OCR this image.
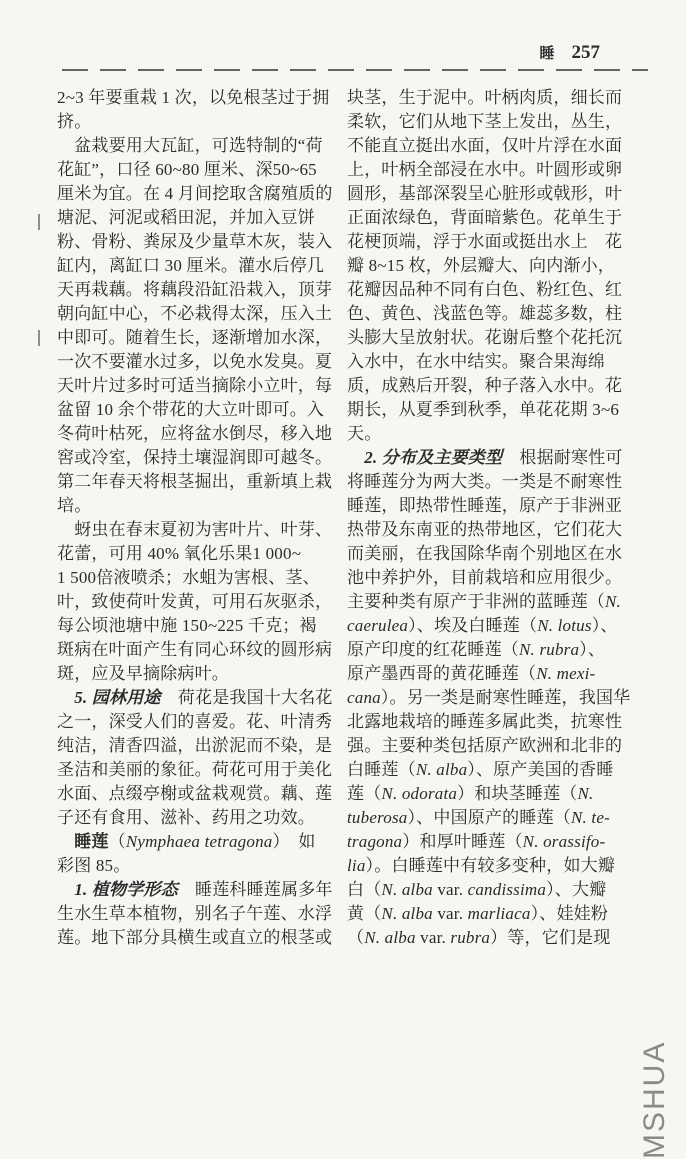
睡 257
2~3 年要重栽 1 次，以免根茎过于拥
挤。
　盆栽要用大瓦缸，可选特制的“荷
花缸”，口径 60~80 厘米、深50~65
厘米为宜。在 4 月间挖取含腐殖质的
塘泥、河泥或稻田泥，并加入豆饼
粉、骨粉、粪尿及少量草木灰，装入
缸内，离缸口 30 厘米。灌水后停几
天再栽藕。将藕段沿缸沿栽入，顶芽
朝向缸中心，不必栽得太深，压入土
中即可。随着生长，逐渐增加水深，
一次不要灌水过多，以免水发臭。夏
天叶片过多时可适当摘除小立叶，每
盆留 10 余个带花的大立叶即可。入
冬荷叶枯死，应将盆水倒尽，移入地
窖或冷室，保持土壤湿润即可越冬。
第二年春天将根茎掘出，重新填上栽
培。
　蚜虫在春末夏初为害叶片、叶芽、
花蕾，可用 40% 氧化乐果1 000~
1 500倍液喷杀；水蛆为害根、茎、
叶，致使荷叶发黄，可用石灰驱杀，
每公顷池塘中施 150~225 千克；褐
斑病在叶面产生有同心环纹的圆形病
斑，应及早摘除病叶。
　5. 园林用途　荷花是我国十大名花
之一，深受人们的喜爱。花、叶清秀
纯洁，清香四溢，出淤泥而不染，是
圣洁和美丽的象征。荷花可用于美化
水面、点缀亭榭或盆栽观赏。藕、莲
子还有食用、滋补、药用之功效。
　睡莲（Nymphaea tetragona）　如
彩图 85。
　1. 植物学形态　睡莲科睡莲属多年
生水生草本植物，别名子午莲、水浮
莲。地下部分具横生或直立的根茎或
块茎，生于泥中。叶柄肉质，细长而
柔软，它们从地下茎上发出，丛生，
不能直立挺出水面，仅叶片浮在水面
上，叶柄全部浸在水中。叶圆形或卵
圆形，基部深裂呈心脏形或戟形，叶
正面浓绿色，背面暗紫色。花单生于
花梗顶端，浮于水面或挺出水上　花
瓣 8~15 枚，外层瓣大、向内渐小，
花瓣因品种不同有白色、粉红色、红
色、黄色、浅蓝色等。雄蕊多数，柱
头膨大呈放射状。花谢后整个花托沉
入水中，在水中结实。聚合果海绵
质，成熟后开裂，种子落入水中。花
期长，从夏季到秋季，单花花期 3~6
天。
　2. 分布及主要类型　根据耐寒性可
将睡莲分为两大类。一类是不耐寒性
睡莲，即热带性睡莲，原产于非洲亚
热带及东南亚的热带地区，它们花大
而美丽，在我国除华南个别地区在水
池中养护外，目前栽培和应用很少。
主要种类有原产于非洲的蓝睡莲（N.
caerulea）、埃及白睡莲（N. lotus）、
原产印度的红花睡莲（N. rubra）、
原产墨西哥的黄花睡莲（N. mexi-
cana）。另一类是耐寒性睡莲，我国华
北露地栽培的睡莲多属此类，抗寒性
强。主要种类包括原产欧洲和北非的
白睡莲（N. alba）、原产美国的香睡
莲（N. odorata）和块茎睡莲（N.
tuberosa）、中国原产的睡莲（N. te-
tragona）和厚叶睡莲（N. orassifo-
lia）。白睡莲中有较多变种，如大瓣
白（N. alba var. candissima）、大瓣
黄（N. alba var. marliaca）、娃娃粉
（N. alba var. rubra）等，它们是现
MSHUA
